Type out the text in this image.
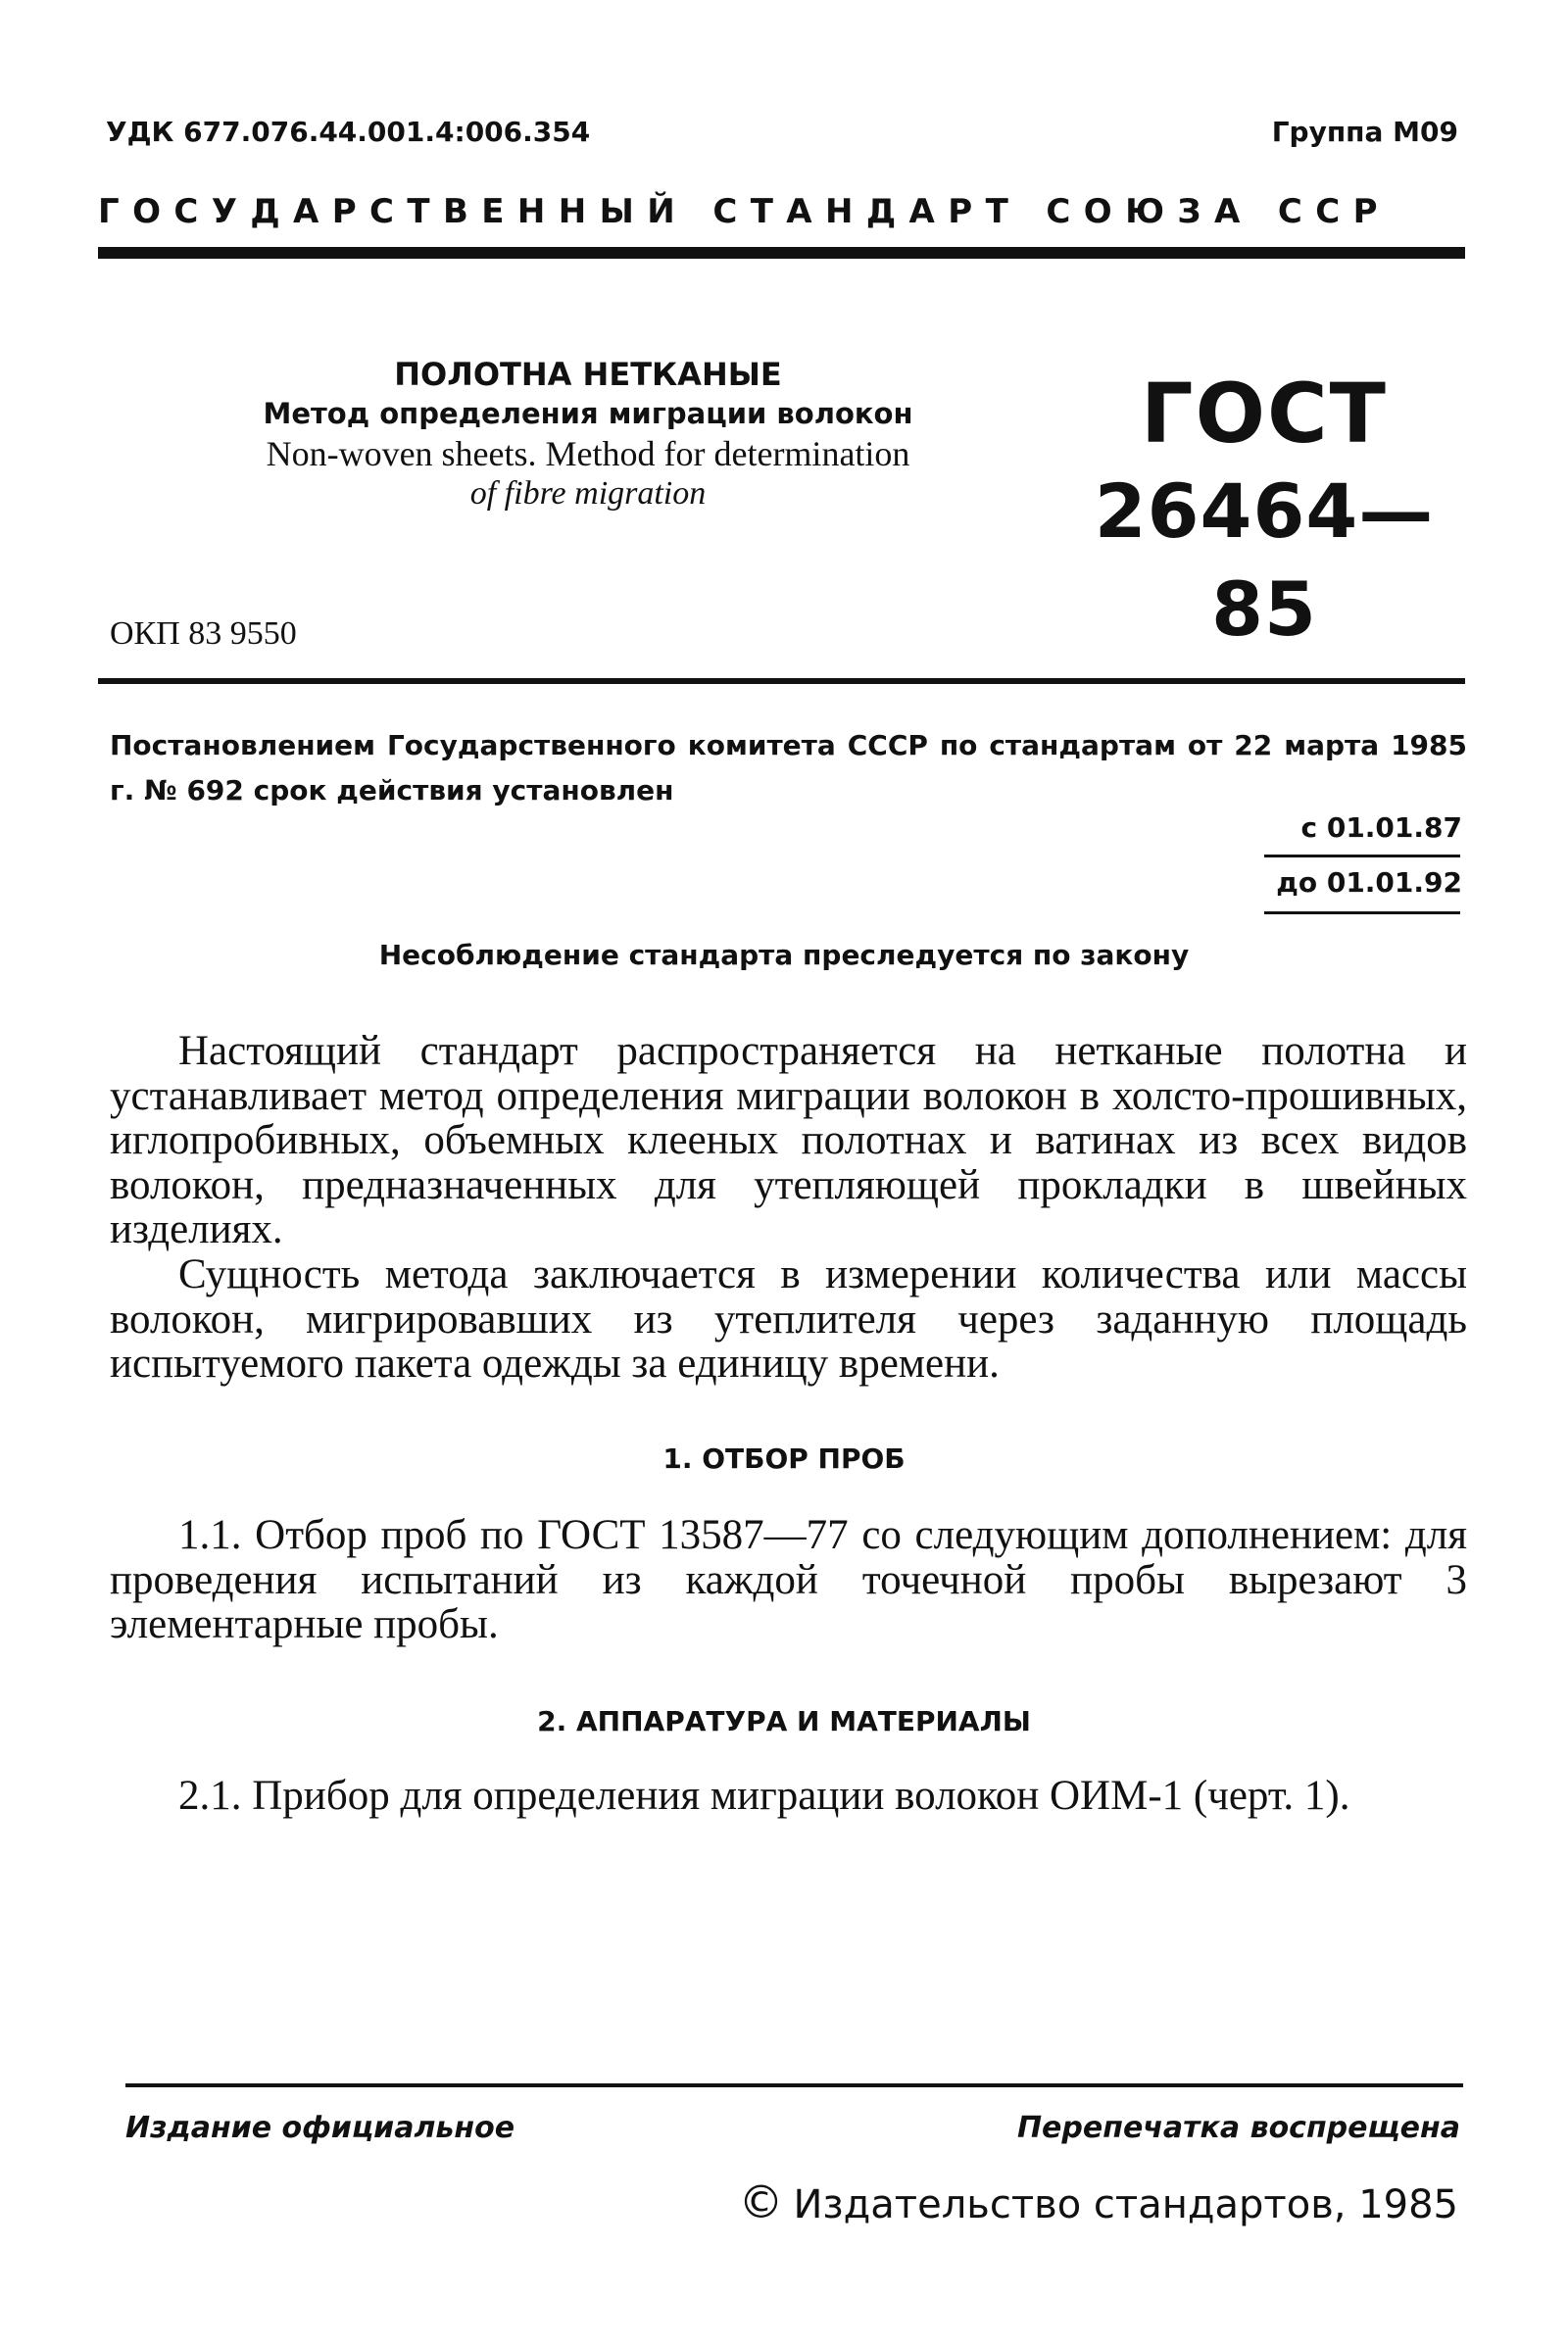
УДК 677.076.44.001.4:006.354	Группа М09
ГОСУДАРСТВЕННЫЙ СТАНДАРТ СОЮЗА ССР
ПОЛОТНА НЕТКАНЫЕ
Метод определения миграции волокон
Non-woven sheets. Method for determination
of fibre migration
ГОСТ
26464—85
ОКП 83 9550
Постановлением Государственного комитета СССР по стандартам от 22 марта 1985 г. № 692 срок действия установлен
с 01.01.87
до 01.01.92
Несоблюдение стандарта преследуется по закону
Настоящий стандарт распространяется на нетканые полотна и устанавливает метод определения миграции волокон в холсто-прошивных, иглопробивных, объемных клееных полотнах и ватинах из всех видов волокон, предназначенных для утепляющей прокладки в швейных изделиях.
Сущность метода заключается в измерении количества или массы волокон, мигрировавших из утеплителя через заданную площадь испытуемого пакета одежды за единицу времени.
1. ОТБОР ПРОБ
1.1. Отбор проб по ГОСТ 13587—77 со следующим дополнением: для проведения испытаний из каждой точечной пробы вырезают 3 элементарные пробы.
2. АППАРАТУРА И МАТЕРИАЛЫ
2.1. Прибор для определения миграции волокон ОИМ-1 (черт. 1).
Издание официальное	Перепечатка воспрещена
© Издательство стандартов, 1985
